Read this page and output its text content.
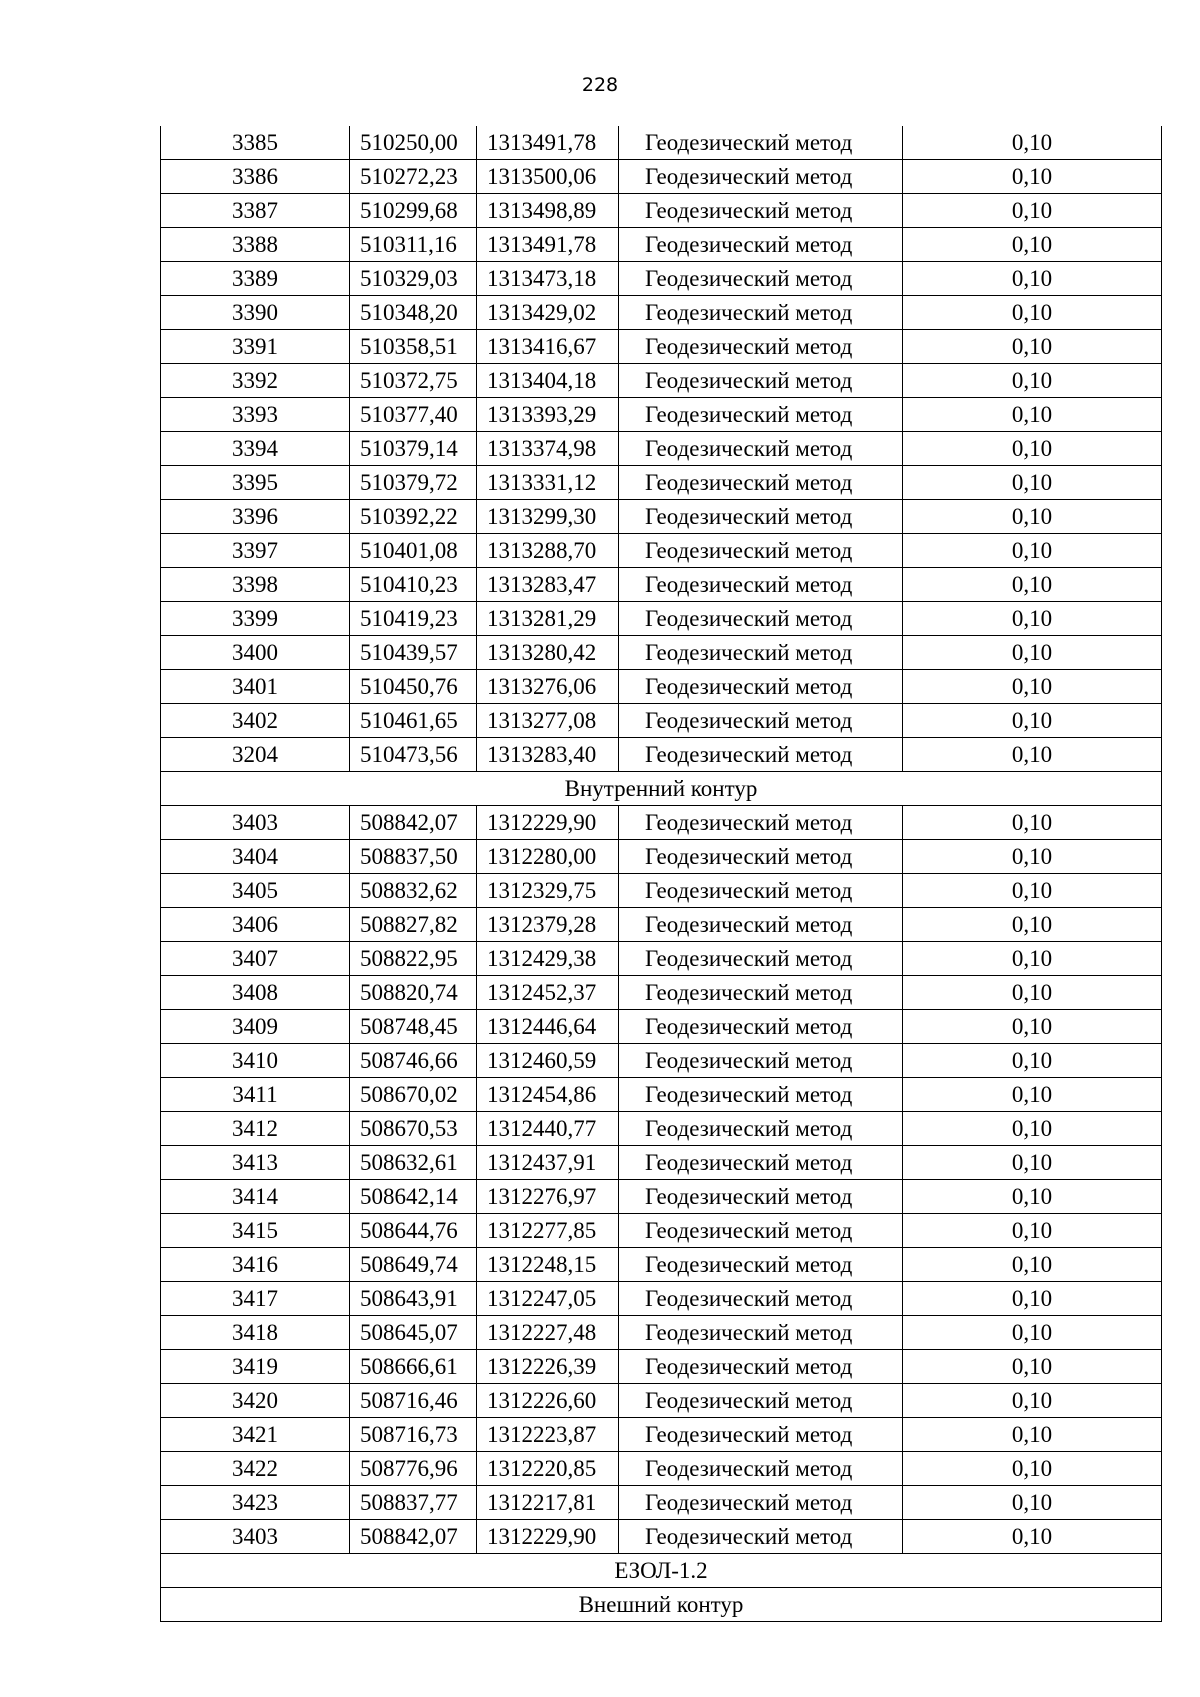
228
3385	510250,00	1313491,78	Геодезический метод	0,10
3386	510272,23	1313500,06	Геодезический метод	0,10
3387	510299,68	1313498,89	Геодезический метод	0,10
3388	510311,16	1313491,78	Геодезический метод	0,10
3389	510329,03	1313473,18	Геодезический метод	0,10
3390	510348,20	1313429,02	Геодезический метод	0,10
3391	510358,51	1313416,67	Геодезический метод	0,10
3392	510372,75	1313404,18	Геодезический метод	0,10
3393	510377,40	1313393,29	Геодезический метод	0,10
3394	510379,14	1313374,98	Геодезический метод	0,10
3395	510379,72	1313331,12	Геодезический метод	0,10
3396	510392,22	1313299,30	Геодезический метод	0,10
3397	510401,08	1313288,70	Геодезический метод	0,10
3398	510410,23	1313283,47	Геодезический метод	0,10
3399	510419,23	1313281,29	Геодезический метод	0,10
3400	510439,57	1313280,42	Геодезический метод	0,10
3401	510450,76	1313276,06	Геодезический метод	0,10
3402	510461,65	1313277,08	Геодезический метод	0,10
3204	510473,56	1313283,40	Геодезический метод	0,10
Внутренний контур				
3403	508842,07	1312229,90	Геодезический метод	0,10
3404	508837,50	1312280,00	Геодезический метод	0,10
3405	508832,62	1312329,75	Геодезический метод	0,10
3406	508827,82	1312379,28	Геодезический метод	0,10
3407	508822,95	1312429,38	Геодезический метод	0,10
3408	508820,74	1312452,37	Геодезический метод	0,10
3409	508748,45	1312446,64	Геодезический метод	0,10
3410	508746,66	1312460,59	Геодезический метод	0,10
3411	508670,02	1312454,86	Геодезический метод	0,10
3412	508670,53	1312440,77	Геодезический метод	0,10
3413	508632,61	1312437,91	Геодезический метод	0,10
3414	508642,14	1312276,97	Геодезический метод	0,10
3415	508644,76	1312277,85	Геодезический метод	0,10
3416	508649,74	1312248,15	Геодезический метод	0,10
3417	508643,91	1312247,05	Геодезический метод	0,10
3418	508645,07	1312227,48	Геодезический метод	0,10
3419	508666,61	1312226,39	Геодезический метод	0,10
3420	508716,46	1312226,60	Геодезический метод	0,10
3421	508716,73	1312223,87	Геодезический метод	0,10
3422	508776,96	1312220,85	Геодезический метод	0,10
3423	508837,77	1312217,81	Геодезический метод	0,10
3403	508842,07	1312229,90	Геодезический метод	0,10
ЕЗОЛ-1.2				
Внешний контур				
